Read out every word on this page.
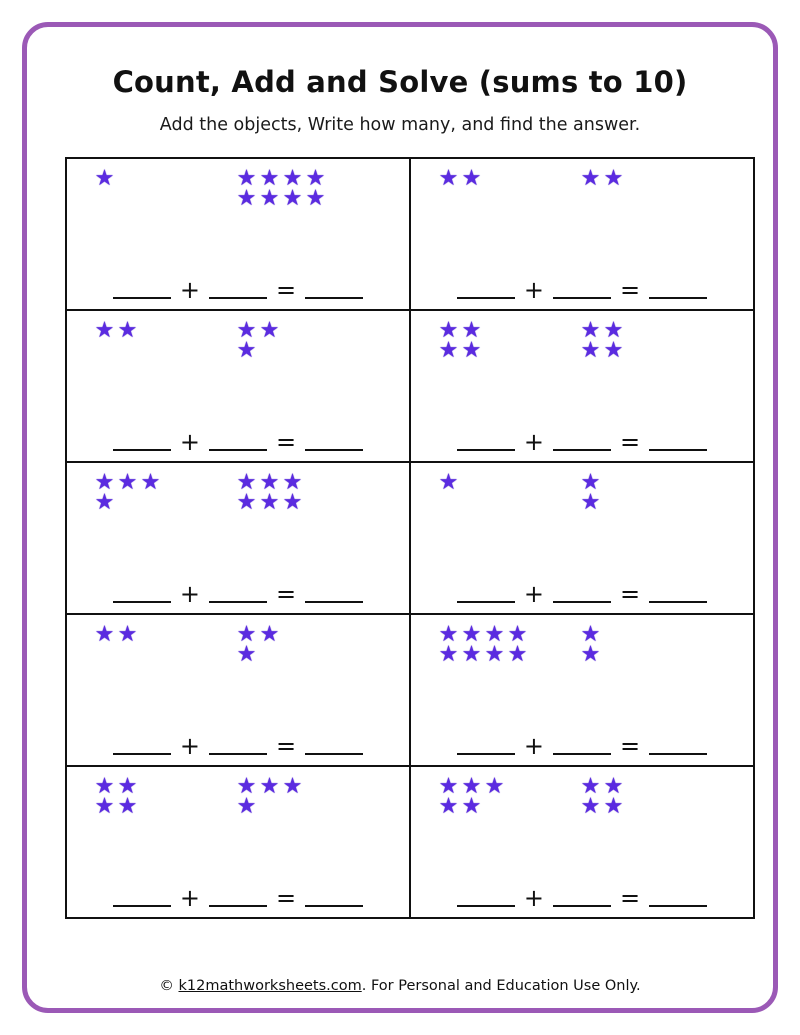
Count, Add and Solve (sums to 10)

Add the objects, Write how many, and find the answer.

★	★ ★ ★ ★
★ ★ ★ ★
+	=
★ ★	★ ★
+	=
★ ★	★ ★
★
+	=
★ ★
★ ★
★ ★
★ ★
+	=
★ ★ ★
★
★ ★ ★
★ ★ ★
+	=
★	★
★
+	=
★ ★	★ ★
★
+	=
★ ★ ★ ★
★ ★ ★ ★
★
★
+	=
★ ★
★ ★
★ ★ ★
★
+	=
★ ★ ★
★ ★
★ ★
★ ★
+	=
© k12mathworksheets.com. For Personal and Education Use Only.
